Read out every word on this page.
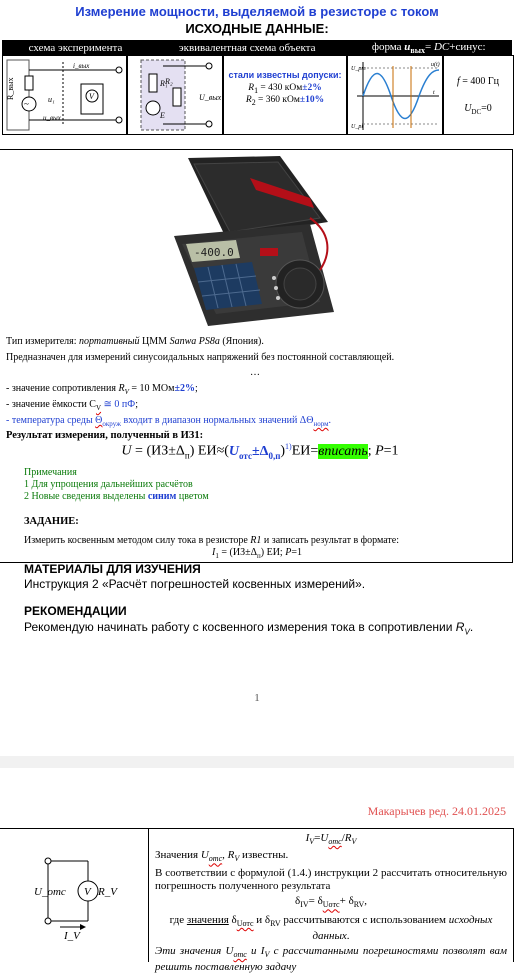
Измерение мощности, выделяемой в резисторе с током
ИСХОДНЫЕ ДАННЫЕ:
схема эксперимента	эквивалентная схема объекта	форма $u_{вых}=$ DC+синус:
R_вых
~ u₁
u_вых
i_вых
V
R₁
R₂
E
U_вых
стали известны допуски:
$R_1 = 430$ кОм±2%
$R_2 = 360$ кОм±10%
U_pm
U_pl
u(t)
t
f = 400 Гц
$U_{DC}=0$
-400.0
Тип измерителя: портативный ЦММ Sanwa PS8a (Япония).
Предназначен для измерений синусоидальных напряжений без постоянной составляющей.
…
- значение сопротивления $R_V = 10$ МОм±2%;
- значение ёмкости $C_V$ ≅ 0 пФ;
- температура среды $\Theta_{окруж}$ входит в диапазон нормальных значений $\Delta\Theta_{норм}$.
Результат измерения, полученный в ИЗ1:
$U = (ИЗ\pm\Delta_п)$ $ЕИ\approx(U_{отс}\pm\Delta_{0,п})^{1)}ЕИ=вписать$; P=1
Примечания
1 Для упрощения дальнейших расчётов
2 Новые сведения выделены синим цветом
ЗАДАНИЕ:
Измерить косвенным методом силу тока в резисторе R1 и записать результат в формате:
$I_1 = (ИЗ\pm\Delta_п)$ ЕИ; P=1
МАТЕРИАЛЫ ДЛЯ ИЗУЧЕНИЯ
Инструкция 2 «Расчёт погрешностей косвенных измерений».
РЕКОМЕНДАЦИИ
Рекомендую начинать работу с косвенного измерения тока в сопротивлении $R_V$.
1
Макарычев ред. 24.01.2025
V R_V
U_отс
I_V
$I_V=U_{отс}/R_V$
Значения $U_{отс}$, $R_V$ известны.
В соответствии с формулой (1.4.) инструкции 2 рассчитать относительную погрешность полученного результата
$\delta_{IV}= \delta_{Uотс}+ \delta_{RV}$,
где значения $\delta_{Uотс}$ и $\delta_{RV}$ рассчитываются с использованием исходных данных.
Эти значения $U_{отс}$ и $I_V$ с рассчитанными погрешностями позволят вам решить поставленную задачу
